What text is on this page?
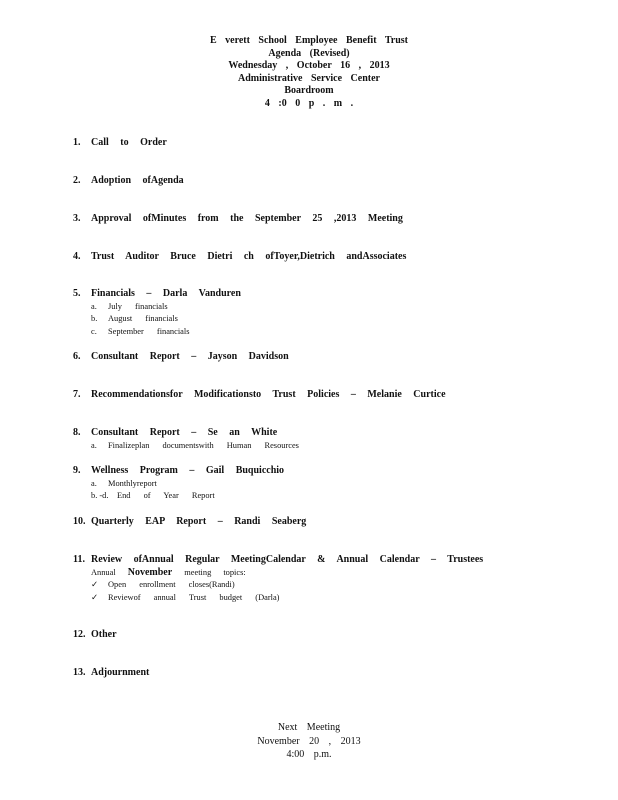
E verett School Employee Benefit Trust
Agenda (Revised)
Wednesday , October 16 , 2013
Administrative Service Center
Boardroom
4 :0 0 p . m .
1.	Call to Order
2.	Adoption ofAgenda
3.	Approval ofMinutes from the September 25 ,2013 Meeting
4.	Trust Auditor Bruce Dietri ch ofToyer,Dietrich andAssociates
5.	Financials – Darla Vanduren
a. July financials
b. August financials
c. September financials
6.	Consultant Report – Jayson Davidson
7.	Recommendationsfor Modificationsto Trust Policies – Melanie Curtice
8.	Consultant Report – Se an White
a. Finalizeplan documentswith Human Resources
9.	Wellness Program – Gail Buquicchio
a. Monthlyreport
b. -d. End of Year Report
10. Quarterly EAP Report – Randi Seaberg
11. Review ofAnnual Regular MeetingCalendar & Annual Calendar – Trustees
Annual November meeting topics:
✓ Open enrollment closes(Randi)
✓ Reviewof annual Trust budget (Darla)
12. Other
13. Adjournment
Next Meeting
November 20 , 2013
4:00 p.m.
